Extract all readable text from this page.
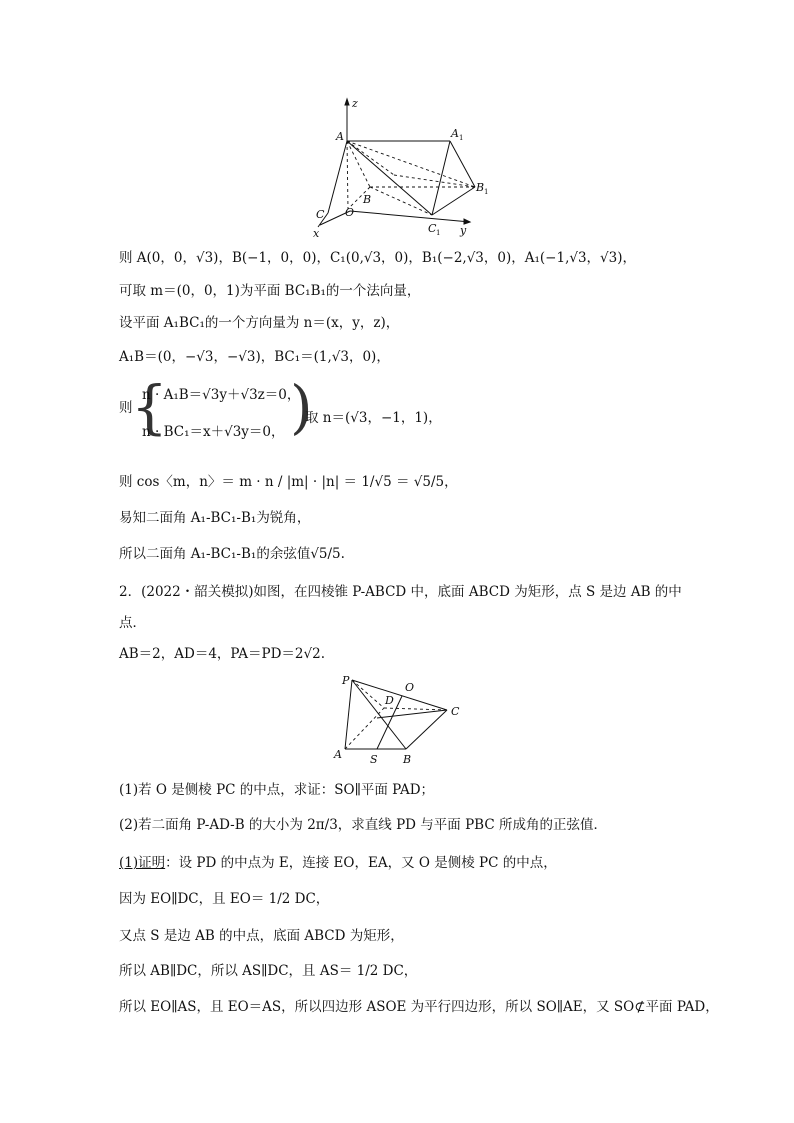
z
A	A 1
B 1
B
O
C
C 1
x	y
则 A(0，0，√3)，B(−1，0，0)，C₁(0,√3，0)，B₁(−2,√3，0)，A₁(−1,√3，√3)，
可取 m＝(0，0，1)为平面 BC₁B₁的一个法向量，
设平面 A₁BC₁的一个方向量为 n＝(x，y，z)，
A₁B＝(0，−√3，−√3)，BC₁＝(1,√3，0)，
则
{
n · A₁B＝√3y＋√3z＝0，
n · BC₁＝x＋√3y＝0， )
取 n＝(√3，−1，1)，
则 cos〈m，n〉＝ m · n / |m| · |n| ＝ 1/√5 ＝ √5/5，
易知二面角 A₁-BC₁-B₁为锐角，
所以二面角 A₁-BC₁-B₁的余弦值√5/5.
2．(2022・韶关模拟)如图，在四棱锥 P-ABCD 中，底面 ABCD 为矩形，点 S 是边 AB 的中
点．
AB＝2，AD＝4，PA＝PD＝2√2.
P
O
D
C
A	S B
(1)若 O 是侧棱 PC 的中点，求证：SO∥平面 PAD；
(2)若二面角 P-AD-B 的大小为 2π/3，求直线 PD 与平面 PBC 所成角的正弦值．
(1)证明：设 PD 的中点为 E，连接 EO，EA，又 O 是侧棱 PC 的中点，
因为 EO∥DC，且 EO＝ 1/2 DC，
又点 S 是边 AB 的中点，底面 ABCD 为矩形，
所以 AB∥DC，所以 AS∥DC，且 AS＝ 1/2 DC，
所以 EO∥AS，且 EO＝AS，所以四边形 ASOE 为平行四边形，所以 SO∥AE，又 SO⊄平面 PAD，
